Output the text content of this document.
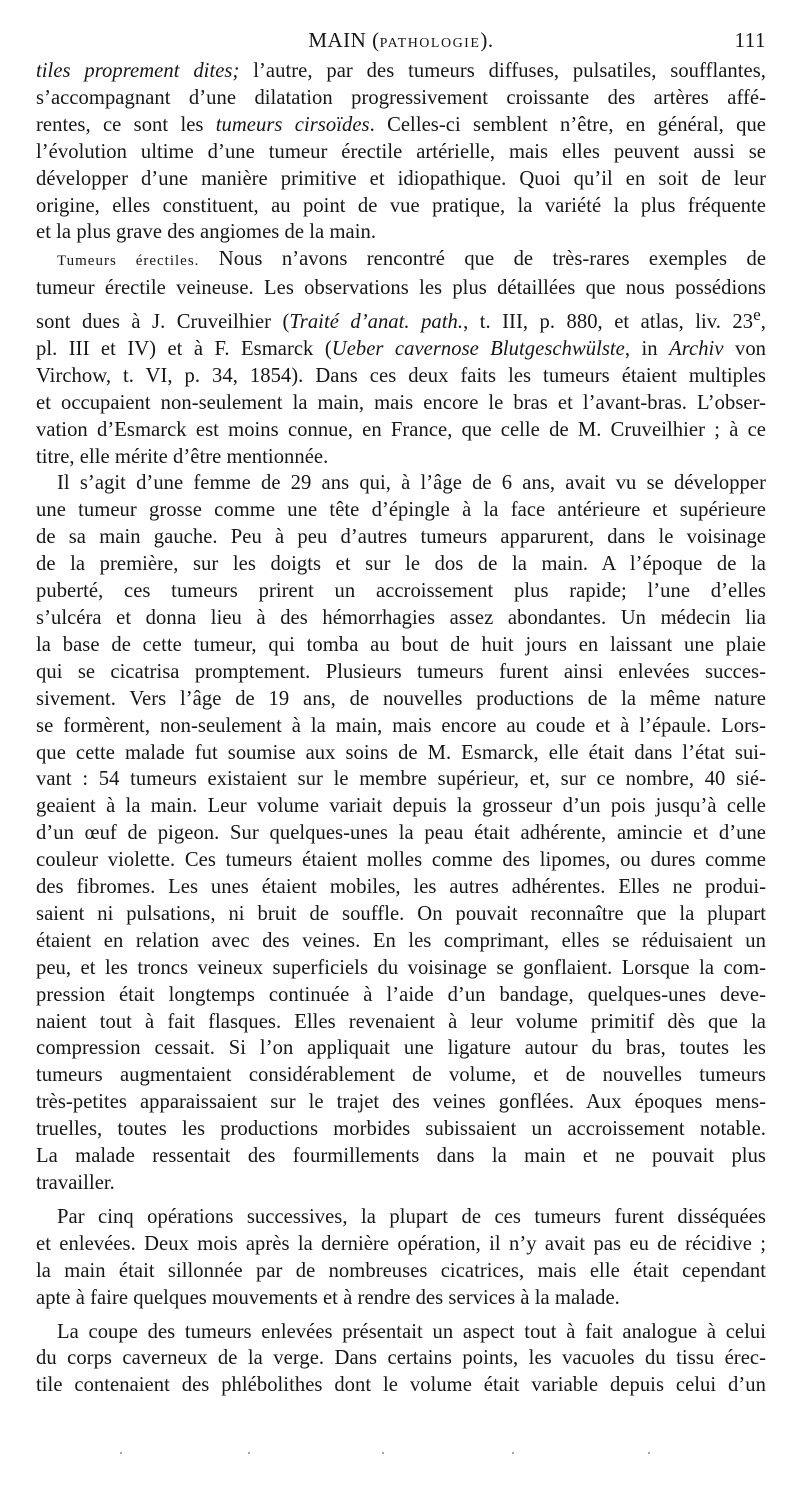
MAIN (PATHOLOGIE).	111
tiles proprement dites; l’autre, par des tumeurs diffuses, pulsatiles, soufflantes,
s’accompagnant d’une dilatation progressivement croissante des artères affé-
rentes, ce sont les tumeurs cirsoïdes. Celles-ci semblent n’être, en général, que
l’évolution ultime d’une tumeur érectile artérielle, mais elles peuvent aussi se
développer d’une manière primitive et idiopathique. Quoi qu’il en soit de leur
origine, elles constituent, au point de vue pratique, la variété la plus fréquente
et la plus grave des angiomes de la main.
Tumeurs érectiles. Nous n’avons rencontré que de très-rares exemples de
tumeur érectile veineuse. Les observations les plus détaillées que nous possédions
sont dues à J. Cruveilhier (Traité d’anat. path., t. III, p. 880, et atlas, liv. 23e,
pl. III et IV) et à F. Esmarck (Ueber cavernose Blutgeschwülste, in Archiv von
Virchow, t. VI, p. 34, 1854). Dans ces deux faits les tumeurs étaient multiples
et occupaient non-seulement la main, mais encore le bras et l’avant-bras. L’obser-
vation d’Esmarck est moins connue, en France, que celle de M. Cruveilhier ; à ce
titre, elle mérite d’être mentionnée.
Il s’agit d’une femme de 29 ans qui, à l’âge de 6 ans, avait vu se développer
une tumeur grosse comme une tête d’épingle à la face antérieure et supérieure
de sa main gauche. Peu à peu d’autres tumeurs apparurent, dans le voisinage
de la première, sur les doigts et sur le dos de la main. A l’époque de la
puberté, ces tumeurs prirent un accroissement plus rapide; l’une d’elles
s’ulcéra et donna lieu à des hémorrhagies assez abondantes. Un médecin lia
la base de cette tumeur, qui tomba au bout de huit jours en laissant une plaie
qui se cicatrisa promptement. Plusieurs tumeurs furent ainsi enlevées succes-
sivement. Vers l’âge de 19 ans, de nouvelles productions de la même nature
se formèrent, non-seulement à la main, mais encore au coude et à l’épaule. Lors-
que cette malade fut soumise aux soins de M. Esmarck, elle était dans l’état sui-
vant : 54 tumeurs existaient sur le membre supérieur, et, sur ce nombre, 40 sié-
geaient à la main. Leur volume variait depuis la grosseur d’un pois jusqu’à celle
d’un œuf de pigeon. Sur quelques-unes la peau était adhérente, amincie et d’une
couleur violette. Ces tumeurs étaient molles comme des lipomes, ou dures comme
des fibromes. Les unes étaient mobiles, les autres adhérentes. Elles ne produi-
saient ni pulsations, ni bruit de souffle. On pouvait reconnaître que la plupart
étaient en relation avec des veines. En les comprimant, elles se réduisaient un
peu, et les troncs veineux superficiels du voisinage se gonflaient. Lorsque la com-
pression était longtemps continuée à l’aide d’un bandage, quelques-unes deve-
naient tout à fait flasques. Elles revenaient à leur volume primitif dès que la
compression cessait. Si l’on appliquait une ligature autour du bras, toutes les
tumeurs augmentaient considérablement de volume, et de nouvelles tumeurs
très-petites apparaissaient sur le trajet des veines gonflées. Aux époques mens-
truelles, toutes les productions morbides subissaient un accroissement notable.
La malade ressentait des fourmillements dans la main et ne pouvait plus
travailler.
Par cinq opérations successives, la plupart de ces tumeurs furent disséquées
et enlevées. Deux mois après la dernière opération, il n’y avait pas eu de récidive ;
la main était sillonnée par de nombreuses cicatrices, mais elle était cependant
apte à faire quelques mouvements et à rendre des services à la malade.
La coupe des tumeurs enlevées présentait un aspect tout à fait analogue à celui
du corps caverneux de la verge. Dans certains points, les vacuoles du tissu érec-
tile contenaient des phlébolithes dont le volume était variable depuis celui d’un
